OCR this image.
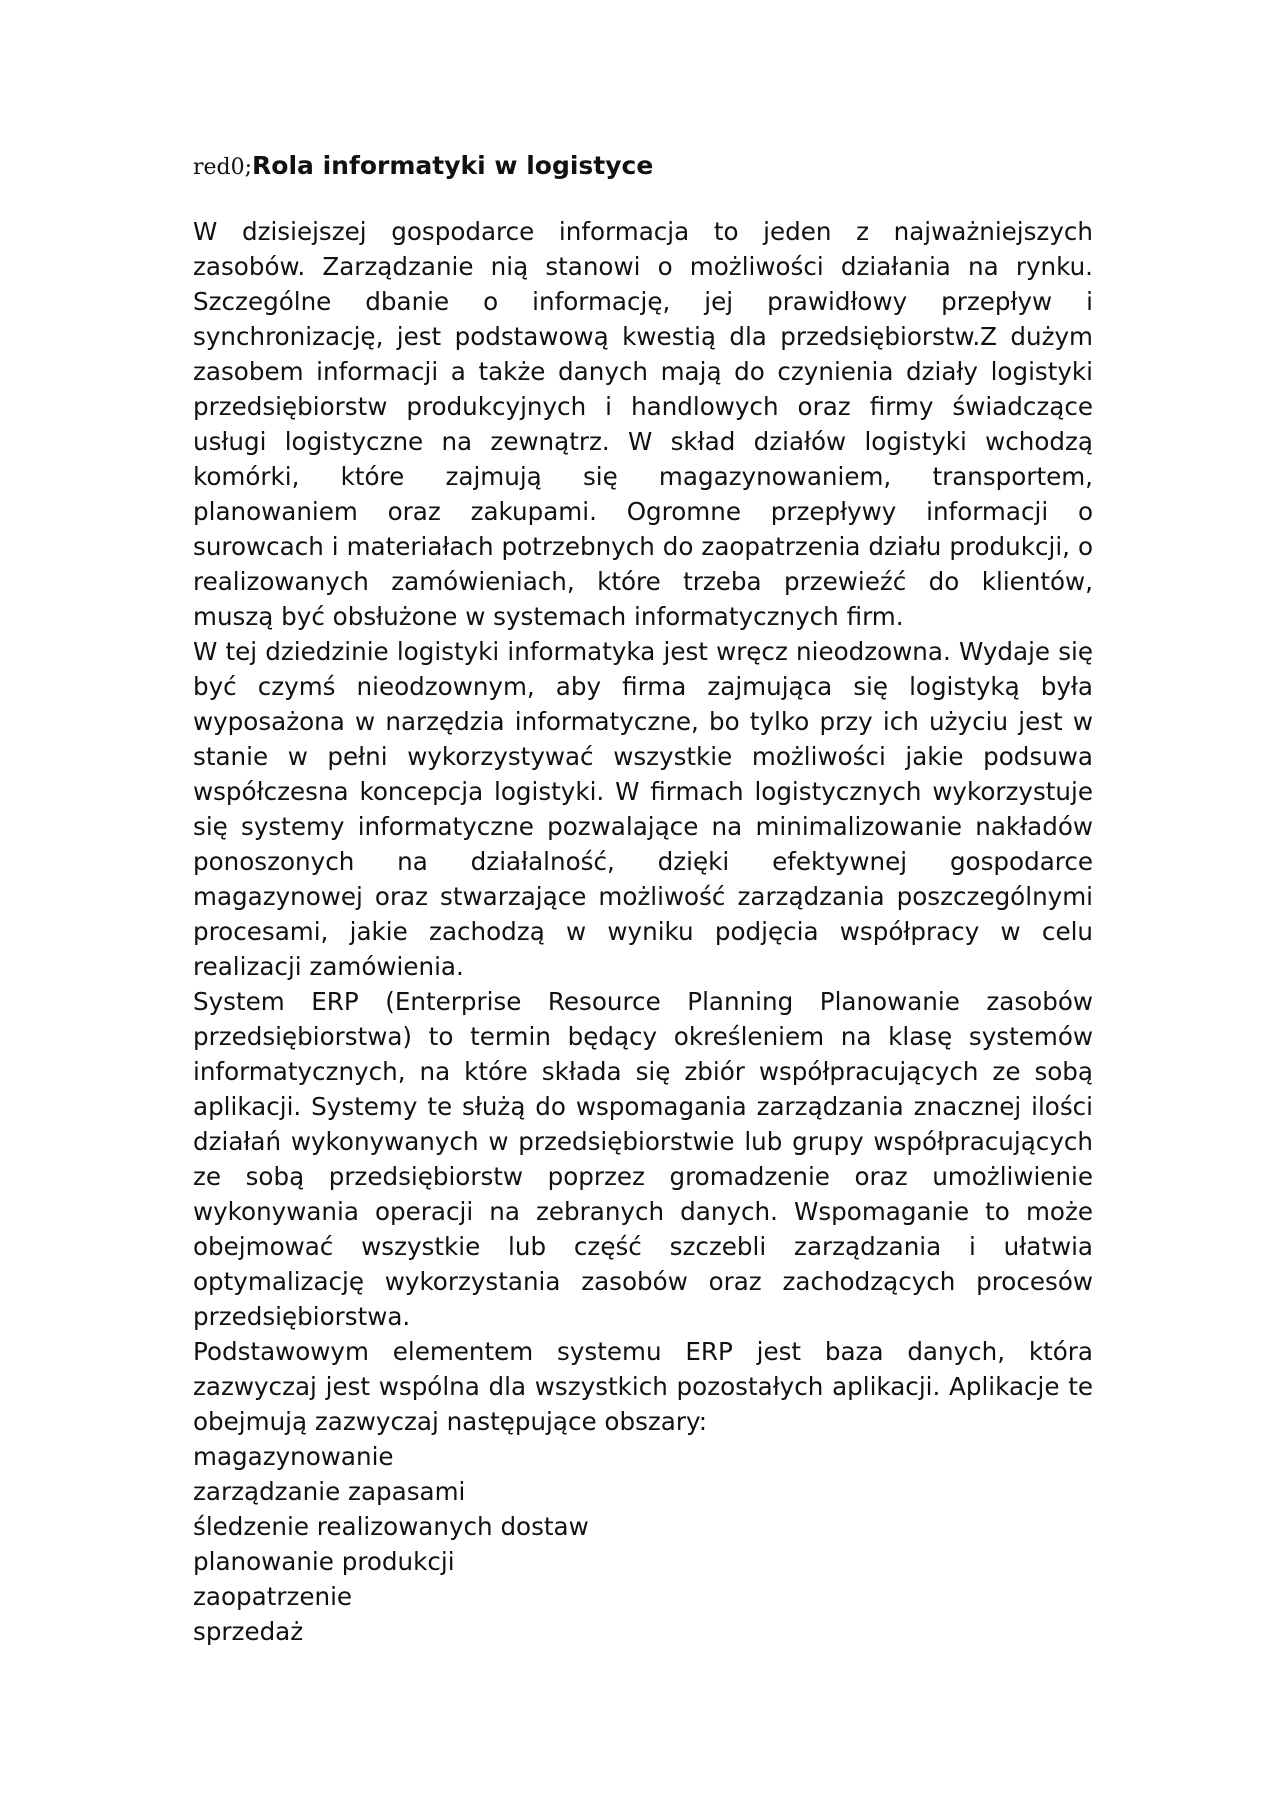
red0;Rola informatyki w logistyce

W dzisiejszej gospodarce informacja to jeden z najważniejszych zasobów. Zarządzanie nią stanowi o możliwości działania na rynku. Szczególne dbanie o informację, jej prawidłowy przepływ i synchronizację, jest podstawową kwestią dla przedsiębiorstw.Z dużym zasobem informacji a także danych mają do czynienia działy logistyki przedsiębiorstw produkcyjnych i handlowych oraz firmy świadczące usługi logistyczne na zewnątrz. W skład działów logistyki wchodzą komórki, które zajmują się magazynowaniem, transportem, planowaniem oraz zakupami. Ogromne przepływy informacji o surowcach i materiałach potrzebnych do zaopatrzenia działu produkcji, o realizowanych zamówieniach, które trzeba przewieźć do klientów, muszą być obsłużone w systemach informatycznych firm.

W tej dziedzinie logistyki informatyka jest wręcz nieodzowna. Wydaje się być czymś nieodzownym, aby firma zajmująca się logistyką była wyposażona w narzędzia informatyczne, bo tylko przy ich użyciu jest w stanie w pełni wykorzystywać wszystkie możliwości jakie podsuwa współczesna koncepcja logistyki. W firmach logistycznych wykorzystuje się systemy informatyczne pozwalające na minimalizowanie nakładów ponoszonych na działalność, dzięki efektywnej gospodarce magazynowej oraz stwarzające możliwość zarządzania poszczególnymi procesami, jakie zachodzą w wyniku podjęcia współpracy w celu realizacji zamówienia.

System ERP (Enterprise Resource Planning Planowanie zasobów przedsiębiorstwa) to termin będący określeniem na klasę systemów informatycznych, na które składa się zbiór współpracujących ze sobą aplikacji. Systemy te służą do wspomagania zarządzania znacznej ilości działań wykonywanych w przedsiębiorstwie lub grupy współpracujących ze sobą przedsiębiorstw poprzez gromadzenie oraz umożliwienie wykonywania operacji na zebranych danych. Wspomaganie to może obejmować wszystkie lub część szczebli zarządzania i ułatwia optymalizację wykorzystania zasobów oraz zachodzących procesów przedsiębiorstwa.

Podstawowym elementem systemu ERP jest baza danych, która zazwyczaj jest wspólna dla wszystkich pozostałych aplikacji. Aplikacje te obejmują zazwyczaj następujące obszary:

magazynowanie
zarządzanie zapasami
śledzenie realizowanych dostaw
planowanie produkcji
zaopatrzenie
sprzedaż
